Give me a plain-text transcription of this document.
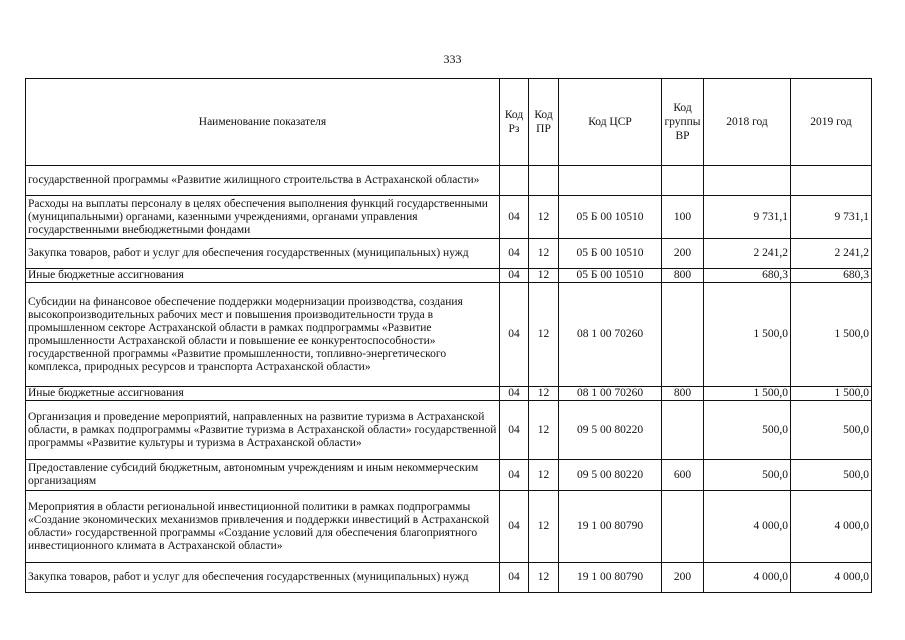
333
Наименование показателя	Код Рз	Код ПР	Код ЦСР	Код группы ВР	2018 год	2019 год
государственной программы «Развитие жилищного строительства в Астраханской области»						
Расходы на выплаты персоналу в целях обеспечения выполнения функций государственными (муниципальными) органами, казенными учреждениями, органами управления государственными внебюджетными фондами	04	12	05 Б 00 10510	100	9 731,1	9 731,1
Закупка товаров, работ и услуг для обеспечения государственных (муниципальных) нужд	04	12	05 Б 00 10510	200	2 241,2	2 241,2
Иные бюджетные ассигнования	04	12	05 Б 00 10510	800	680,3	680,3
Субсидии на финансовое обеспечение поддержки модернизации производства, создания высокопроизводительных рабочих мест и повышения производительности труда в промышленном секторе Астраханской области в рамках подпрограммы «Развитие промышленности Астраханской области и повышение ее конкурентоспособности» государственной программы «Развитие промышленности, топливно-энергетического комплекса, природных ресурсов и транспорта Астраханской области»	04	12	08 1 00 70260		1 500,0	1 500,0
Иные бюджетные ассигнования	04	12	08 1 00 70260	800	1 500,0	1 500,0
Организация и проведение мероприятий, направленных на развитие туризма в Астраханской области, в рамках подпрограммы «Развитие туризма в Астраханской области» государственной программы «Развитие культуры и туризма в Астраханской области»	04	12	09 5 00 80220		500,0	500,0
Предоставление субсидий бюджетным, автономным учреждениям и иным некоммерческим организациям	04	12	09 5 00 80220	600	500,0	500,0
Мероприятия в области региональной инвестиционной политики в рамках подпрограммы «Создание экономических механизмов привлечения и поддержки инвестиций в Астраханской области» государственной программы «Создание условий для обеспечения благоприятного инвестиционного климата в Астраханской области»	04	12	19 1 00 80790		4 000,0	4 000,0
Закупка товаров, работ и услуг для обеспечения государственных (муниципальных) нужд	04	12	19 1 00 80790	200	4 000,0	4 000,0
